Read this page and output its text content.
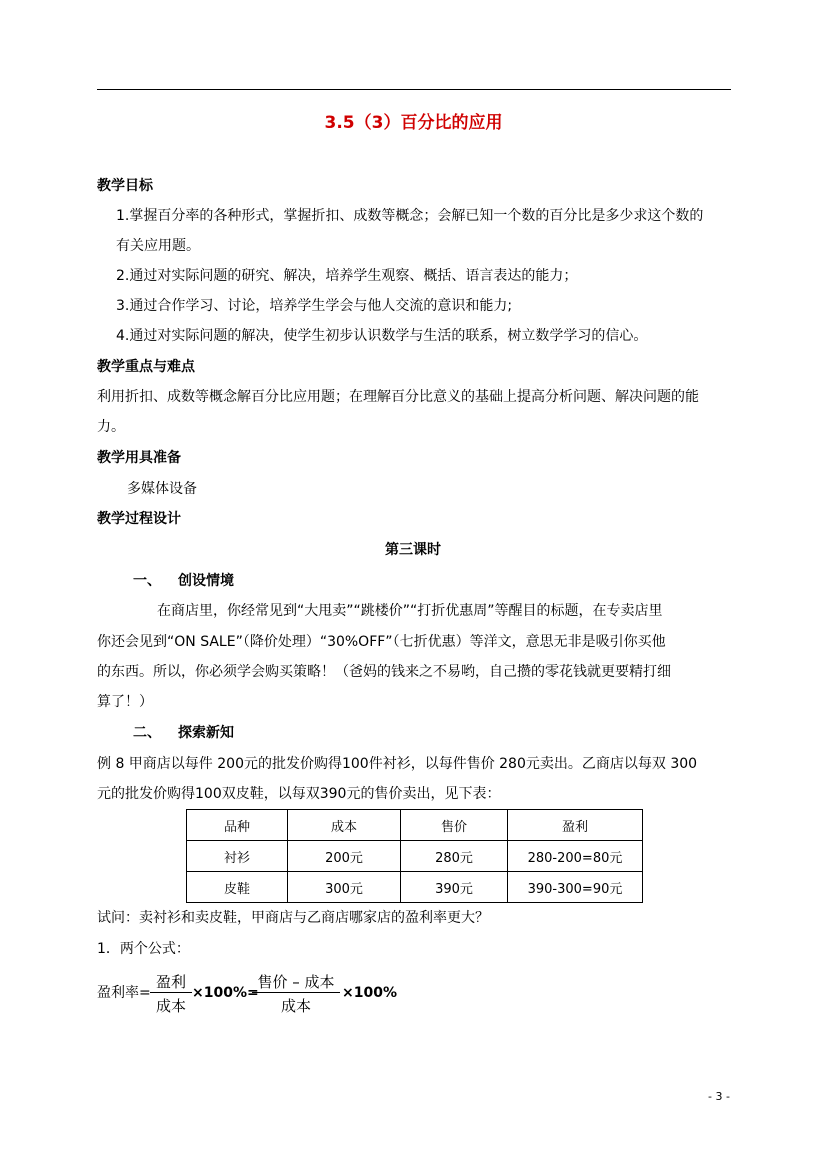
3.5（3）百分比的应用
教学目标
1.掌握百分率的各种形式，掌握折扣、成数等概念；会解已知一个数的百分比是多少求这个数的
有关应用题。
2.通过对实际问题的研究、解决，培养学生观察、概括、语言表达的能力；
3.通过合作学习、讨论，培养学生学会与他人交流的意识和能力;
4.通过对实际问题的解决，使学生初步认识数学与生活的联系，树立数学学习的信心。
教学重点与难点
利用折扣、成数等概念解百分比应用题；在理解百分比意义的基础上提高分析问题、解决问题的能
力。
教学用具准备
多媒体设备
教学过程设计
第三课时
一、 创设情境
在商店里，你经常见到“大甩卖”“跳楼价”“打折优惠周”等醒目的标题，在专卖店里
你还会见到“ON SALE”（降价处理）“30%OFF”（七折优惠）等洋文，意思无非是吸引你买他
的东西。所以，你必须学会购买策略！（爸妈的钱来之不易哟，自己攒的零花钱就更要精打细
算了！）
二、 探索新知
例 8 甲商店以每件 200元的批发价购得100件衬衫，以每件售价 280元卖出。乙商店以每双 300
元的批发价购得100双皮鞋，以每双390元的售价卖出，见下表：
品种	成本	售价	盈利
衬衫	200元	280元	280-200=80元
皮鞋	300元	390元	390-300=90元
试问：卖衬衫和卖皮鞋，甲商店与乙商店哪家店的盈利率更大？
1．两个公式：
盈利率=
盈利
成本
×100%=
售价 – 成本
成本
×100%
- 3 -
